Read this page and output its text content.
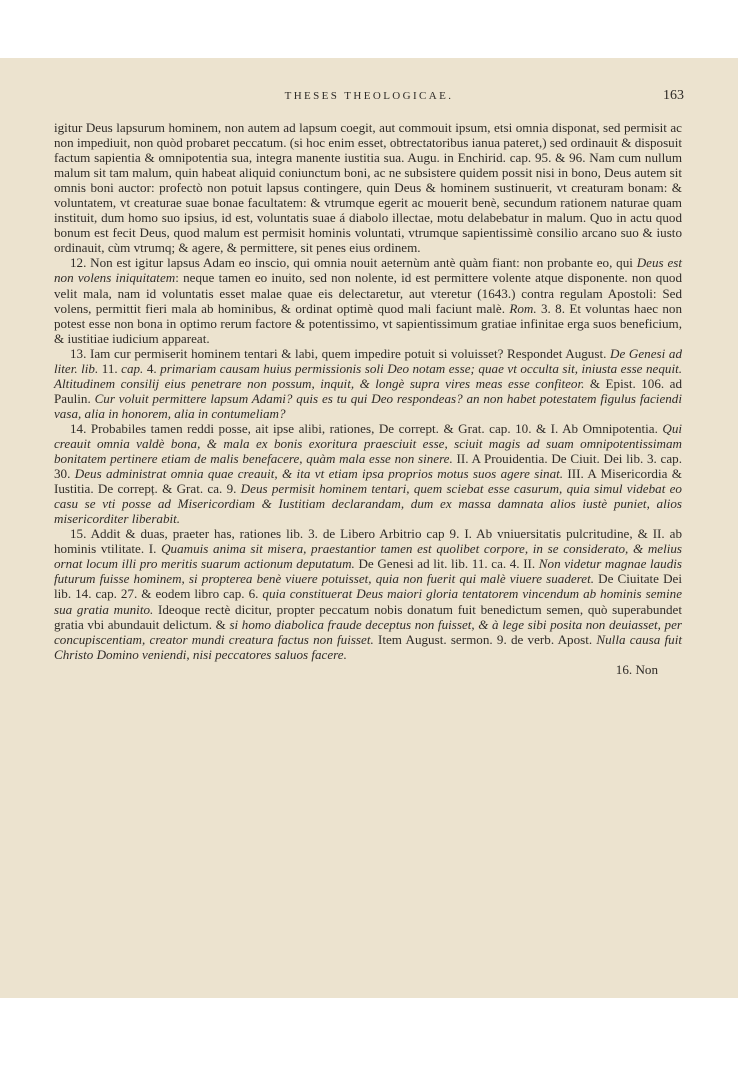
THESES THEOLOGICAE.	163

igitur Deus lapsurum hominem, non autem ad lapsum coegit, aut commouit ipsum, etsi omnia disponat, sed permisit ac non impediuit, non quòd probaret peccatum. (si hoc enim esset, obtrectatoribus ianua pateret,) sed ordinauit & disposuit factum sapientia & omnipotentia sua, integra manente iustitia sua. Augu. in Enchirid. cap. 95. & 96. Nam cum nullum malum sit tam malum, quin habeat aliquid coniunctum boni, ac ne subsistere quidem possit nisi in bono, Deus autem sit omnis boni auctor: profectò non potuit lapsus contingere, quin Deus & hominem sustinuerit, vt creaturam bonam: & voluntatem, vt creaturae suae bonae facultatem: & vtrumque egerit ac mouerit benè, secundum rationem naturae quam instituit, dum homo suo ipsius, id est, voluntatis suae á diabolo illectae, motu delabebatur in malum. Quo in actu quod bonum est fecit Deus, quod malum est permisit hominis voluntati, vtrumque sapientissimè consilio arcano suo & iusto ordinauit, cùm vtrumq; & agere, & permittere, sit penes eius ordinem.

12. Non est igitur lapsus Adam eo inscio, qui omnia nouit aeternùm antè quàm fiant: non probante eo, qui Deus est non volens iniquitatem: neque tamen eo inuito, sed non nolente, id est permittere volente atque disponente. non quod velit mala, nam id voluntatis esset malae quae eis delectaretur, aut vteretur (1643.) contra regulam Apostoli: Sed volens, permittit fieri mala ab hominibus, & ordinat optimè quod mali faciunt malè. Rom. 3. 8. Et voluntas haec non potest esse non bona in optimo rerum factore & potentissimo, vt sapientissimum gratiae infinitae erga suos beneficium, & iustitiae iudicium appareat.

13. Iam cur permiserit hominem tentari & labi, quem impedire potuit si voluisset? Respondet August. De Genesi ad liter. lib. 11. cap. 4. primariam causam huius permissionis soli Deo notam esse; quae vt occulta sit, iniusta esse nequit. Altitudinem consilij eius penetrare non possum, inquit, & longè supra vires meas esse confiteor. & Epist. 106. ad Paulin. Cur voluit permittere lapsum Adami? quis es tu qui Deo respondeas? an non habet potestatem figulus faciendi vasa, alia in honorem, alia in contumeliam?

14. Probabiles tamen reddi posse, ait ipse alibi, rationes, De corrept. & Grat. cap. 10. & I. Ab Omnipotentia. Qui creauit omnia valdè bona, & mala ex bonis exoritura praesciuit esse, sciuit magis ad suam omnipotentissimam bonitatem pertinere etiam de malis benefacere, quàm mala esse non sinere. II. A Prouidentia. De Ciuit. Dei lib. 3. cap. 30. Deus administrat omnia quae creauit, & ita vt etiam ipsa proprios motus suos agere sinat. III. A Misericordia & Iustitia. De correpț. & Grat. ca. 9. Deus permisit hominem tentari, quem sciebat esse casurum, quia simul videbat eo casu se vti posse ad Misericordiam & Iustitiam declarandam, dum ex massa damnata alios iustè puniet, alios misericorditer liberabit.

15. Addit & duas, praeter has, rationes lib. 3. de Libero Arbitrio cap 9. I. Ab vniuersitatis pulcritudine, & II. ab hominis vtilitate. I. Quamuis anima sit misera, praestantior tamen est quolibet corpore, in se considerato, & melius ornat locum illi pro meritis suarum actionum deputatum. De Genesi ad lit. lib. 11. ca. 4. II. Non videtur magnae laudis futurum fuisse hominem, si propterea benè viuere potuisset, quia non fuerit qui malè viuere suaderet. De Ciuitate Dei lib. 14. cap. 27. & eodem libro cap. 6. quia constituerat Deus maiori gloria tentatorem vincendum ab hominis semine sua gratia munito. Ideoque rectè dicitur, propter peccatum nobis donatum fuit benedictum semen, quò superabundet gratia vbi abundauit delictum. & si homo diabolica fraude deceptus non fuisset, & à lege sibi posita non deuiasset, per concupiscentiam, creator mundi creatura factus non fuisset. Item August. sermon. 9. de verb. Apost. Nulla causa fuit Christo Domino veniendi, nisi peccatores saluos facere.

16. Non
